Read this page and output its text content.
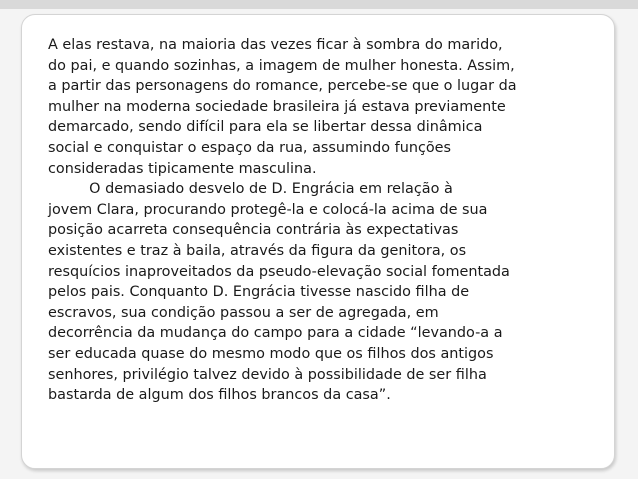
A elas restava, na maioria das vezes ficar à sombra do marido,
do pai, e quando sozinhas, a imagem de mulher honesta. Assim,
a partir das personagens do romance, percebe-se que o lugar da
mulher na moderna sociedade brasileira já estava previamente
demarcado, sendo difícil para ela se libertar dessa dinâmica
social e conquistar o espaço da rua, assumindo funções
consideradas tipicamente masculina.
O demasiado desvelo de D. Engrácia em relação à
jovem Clara, procurando protegê-la e colocá-la acima de sua
posição acarreta consequência contrária às expectativas
existentes e traz à baila, através da figura da genitora, os
resquícios inaproveitados da pseudo-elevação social fomentada
pelos pais. Conquanto D. Engrácia tivesse nascido filha de
escravos, sua condição passou a ser de agregada, em
decorrência da mudança do campo para a cidade “levando-a a
ser educada quase do mesmo modo que os filhos dos antigos
senhores, privilégio talvez devido à possibilidade de ser filha
bastarda de algum dos filhos brancos da casa”.
